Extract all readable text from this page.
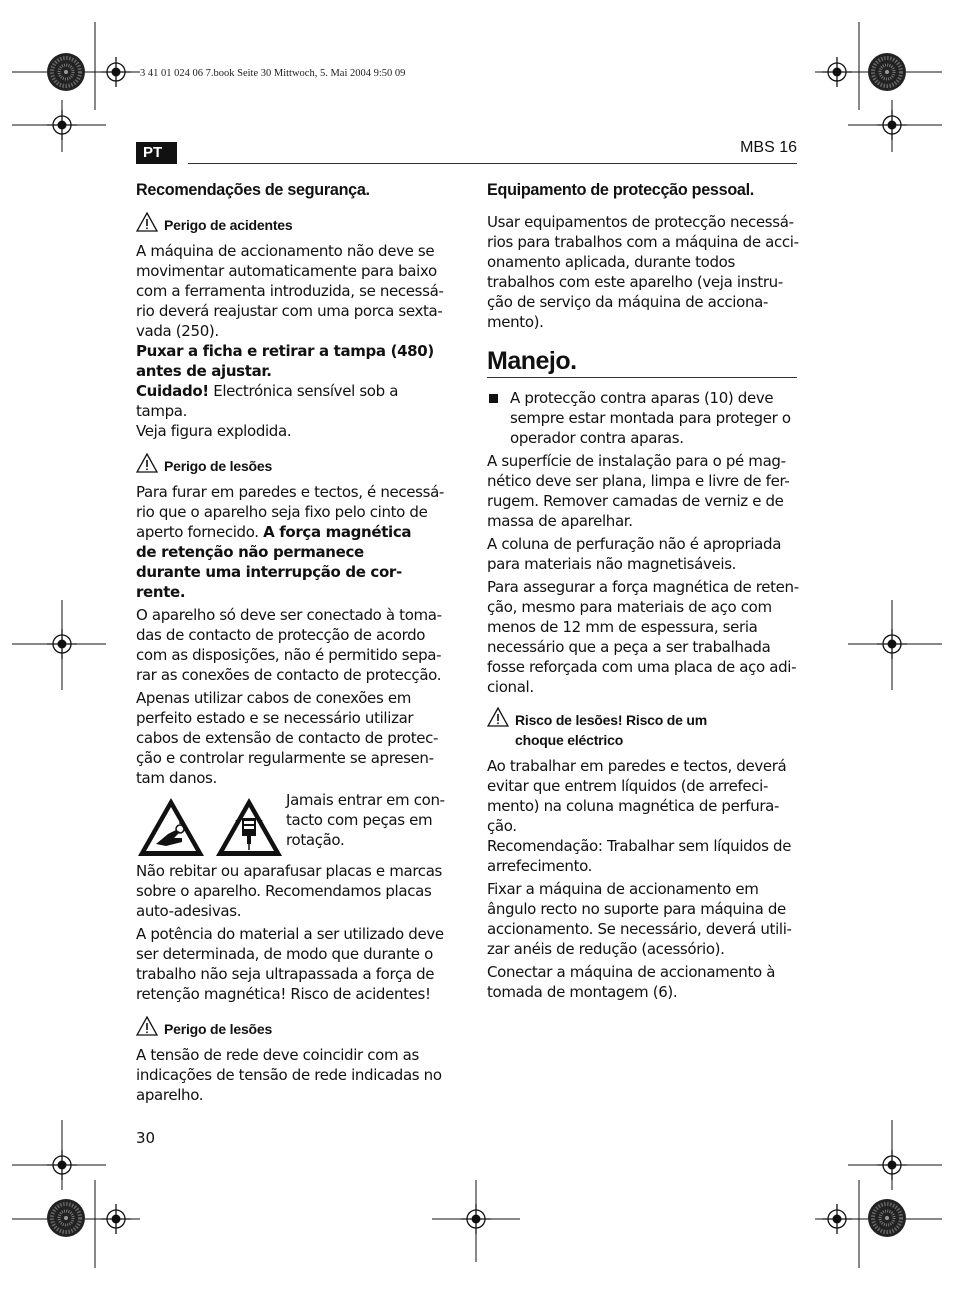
3 41 01 024 06 7.book Seite 30 Mittwoch, 5. Mai 2004 9:50 09
PT	MBS 16
Recomendações de segurança.
Perigo de acidentes
A máquina de accionamento não deve se
movimentar automaticamente para baixo
com a ferramenta introduzida, se necessá-
rio deverá reajustar com uma porca sexta-
vada (250).
Puxar a ficha e retirar a tampa (480)
antes de ajustar.
Cuidado! Electrónica sensível sob a
tampa.
Veja figura explodida.
Perigo de lesões

Para furar em paredes e tectos, é necessá-
rio que o aparelho seja fixo pelo cinto de
aperto fornecido. A força magnética
de retenção não permanece
durante uma interrupção de cor-
rente.

O aparelho só deve ser conectado à toma-
das de contacto de protecção de acordo
com as disposições, não é permitido sepa-
rar as conexões de contacto de protecção.

Apenas utilizar cabos de conexões em
perfeito estado e se necessário utilizar
cabos de extensão de contacto de protec-
ção e controlar regularmente se apresen-
tam danos.

Jamais entrar em con-
tacto com peças em
rotação.

Não rebitar ou aparafusar placas e marcas
sobre o aparelho. Recomendamos placas
auto-adesivas.

A potência do material a ser utilizado deve
ser determinada, de modo que durante o
trabalho não seja ultrapassada a força de
retenção magnética! Risco de acidentes!

Perigo de lesões

A tensão de rede deve coincidir com as
indicações de tensão de rede indicadas no
aparelho.

Equipamento de protecção pessoal.

Usar equipamentos de protecção necessá-
rios para trabalhos com a máquina de acci-
onamento aplicada, durante todos
trabalhos com este aparelho (veja instru-
ção de serviço da máquina de acciona-
mento).

Manejo.
A protecção contra aparas (10) deve
sempre estar montada para proteger o
operador contra aparas.

A superfície de instalação para o pé mag-
nético deve ser plana, limpa e livre de fer-
rugem. Remover camadas de verniz e de
massa de aparelhar.

A coluna de perfuração não é apropriada
para materiais não magnetisáveis.

Para assegurar a força magnética de reten-
ção, mesmo para materiais de aço com
menos de 12 mm de espessura, seria
necessário que a peça a ser trabalhada
fosse reforçada com uma placa de aço adi-
cional.

Risco de lesões! Risco de um
choque eléctrico

Ao trabalhar em paredes e tectos, deverá
evitar que entrem líquidos (de arrefeci-
mento) na coluna magnética de perfura-
ção.

Recomendação: Trabalhar sem líquidos de
arrefecimento.

Fixar a máquina de accionamento em
ângulo recto no suporte para máquina de
accionamento. Se necessário, deverá utili-
zar anéis de redução (acessório).

Conectar a máquina de accionamento à
tomada de montagem (6).

30
